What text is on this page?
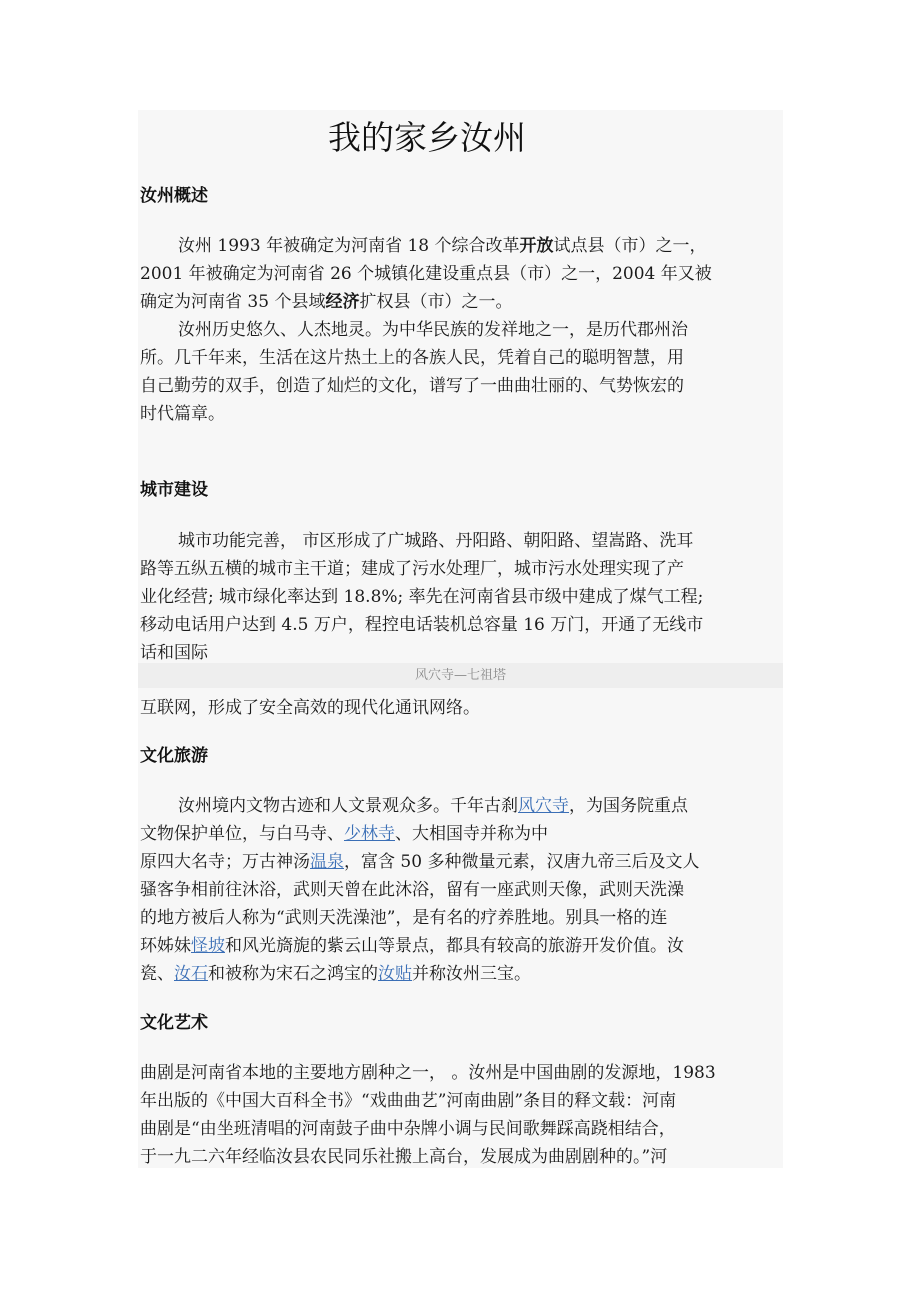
我的家乡汝州
汝州概述
汝州 1993 年被确定为河南省 18 个综合改革开放试点县（市）之一，
2001 年被确定为河南省 26 个城镇化建设重点县（市）之一，2004 年又被
确定为河南省 35 个县域经济扩权县（市）之一。
汝州历史悠久、人杰地灵。为中华民族的发祥地之一，是历代郡州治
所。几千年来，生活在这片热土上的各族人民，凭着自己的聪明智慧，用
自己勤劳的双手，创造了灿烂的文化，谱写了一曲曲壮丽的、气势恢宏的
时代篇章。
城市建设
城市功能完善， 市区形成了广城路、丹阳路、朝阳路、望嵩路、洗耳
路等五纵五横的城市主干道；建成了污水处理厂，城市污水处理实现了产
业化经营; 城市绿化率达到 18.8%; 率先在河南省县市级中建成了煤气工程;
移动电话用户达到 4.5 万户，程控电话装机总容量 16 万门，开通了无线市
话和国际
风穴寺—七祖塔
互联网，形成了安全高效的现代化通讯网络。
文化旅游
汝州境内文物古迹和人文景观众多。千年古刹风穴寺，为国务院重点
文物保护单位，与白马寺、少林寺、大相国寺并称为中
原四大名寺；万古神汤温泉，富含 50 多种微量元素，汉唐九帝三后及文人
骚客争相前往沐浴，武则天曾在此沐浴，留有一座武则天像，武则天洗澡
的地方被后人称为“武则天洗澡池”，是有名的疗养胜地。别具一格的连
环姊妹怪坡和风光旖旎的紫云山等景点，都具有较高的旅游开发价值。汝
瓷、汝石和被称为宋石之鸿宝的汝贴并称汝州三宝。
文化艺术
曲剧是河南省本地的主要地方剧种之一， 。汝州是中国曲剧的发源地，1983
年出版的《中国大百科全书》“戏曲曲艺”河南曲剧”条目的释文载：河南
曲剧是“由坐班清唱的河南鼓子曲中杂牌小调与民间歌舞踩高跷相结合，
于一九二六年经临汝县农民同乐社搬上高台，发展成为曲剧剧种的。”河
